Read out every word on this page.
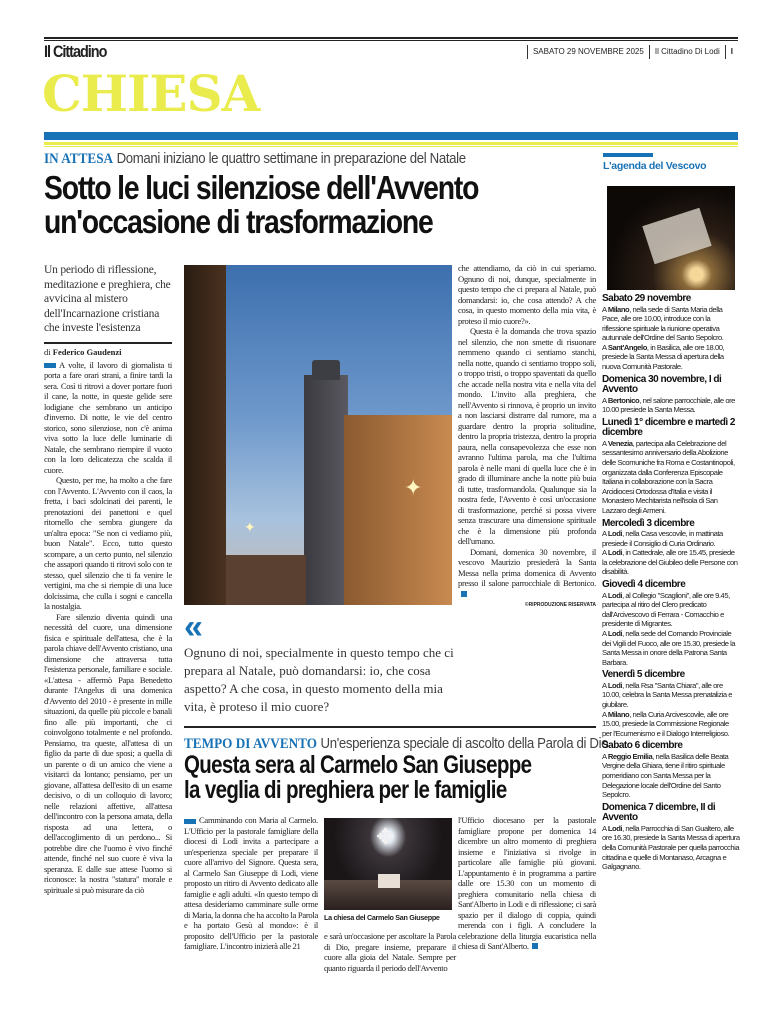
Il Cittadino	SABATO 29 NOVEMBRE 2025	Il Cittadino Di Lodi	I
CHIESA
IN ATTESA Domani iniziano le quattro settimane in preparazione del Natale
Sotto le luci silenziose dell'Avvento
un'occasione di trasformazione
Un periodo di riflessione, meditazione e preghiera, che avvicina al mistero dell'Incarnazione cristiana che investe l'esistenza
di Federico Gaudenzi

A volte, il lavoro di giornalista ti porta a fare orari strani, a finire tardi la sera. Così ti ritrovi a dover portare fuori il cane, la notte, in queste gelide sere lodigiane che sembrano un anticipo d'inverno. Di notte, le vie del centro storico, sono silenziose, non c'è anima viva sotto la luce delle luminarie di Natale, che sembrano riempire il vuoto con la loro delicatezza che scalda il cuore.

Questo, per me, ha molto a che fare con l'Avvento. L'Avvento con il caos, la fretta, i baci sdolcinati dei parenti, le prenotazioni dei panettoni e quel ritornello che sembra giungere da un'altra epoca: "Se non ci vediamo più, buon Natale". Ecco, tutto questo scompare, a un certo punto, nel silenzio che assapori quando ti ritrovi solo con te stesso, quel silenzio che ti fa venire le vertigini, ma che si riempie di una luce dolcissima, che culla i sogni e cancella la nostalgia.

Fare silenzio diventa quindi una necessità del cuore, una dimensione fisica e spirituale dell'attesa, che è la parola chiave dell'Avvento cristiano, una dimensione che attraversa tutta l'esistenza personale, familiare e sociale. «L'attesa - affermò Papa Benedetto durante l'Angelus di una domenica d'Avvento del 2010 - è presente in mille situazioni, da quelle più piccole e banali fino alle più importanti, che ci coinvolgono totalmente e nel profondo. Pensiamo, tra queste, all'attesa di un figlio da parte di due sposi; a quella di un parente o di un amico che viene a visitarci da lontano; pensiamo, per un giovane, all'attesa dell'esito di un esame decisivo, o di un colloquio di lavoro; nelle relazioni affettive, all'attesa dell'incontro con la persona amata, della risposta ad una lettera, o dell'accoglimento di un perdono... Si potrebbe dire che l'uomo è vivo finché attende, finché nel suo cuore è viva la speranza. E dalle sue attese l'uomo si riconosce: la nostra "statura" morale e spirituale si può misurare da ciò

✦
✦

che attendiamo, da ciò in cui speriamo. Ognuno di noi, dunque, specialmente in questo tempo che ci prepara al Natale, può domandarsi: io, che cosa attendo? A che cosa, in questo momento della mia vita, è proteso il mio cuore?».

Questa è la domanda che trova spazio nel silenzio, che non smette di risuonare nemmeno quando ci sentiamo stanchi, nella notte, quando ci sentiamo troppo soli, o troppo tristi, o troppo spaventati da quello che accade nella nostra vita e nella vita del mondo. L'invito alla preghiera, che nell'Avvento si rinnova, è proprio un invito a non lasciarsi distrarre dal rumore, ma a guardare dentro la propria solitudine, dentro la propria tristezza, dentro la propria paura, nella consapevolezza che esse non avranno l'ultima parola, ma che l'ultima parola è nelle mani di quella luce che è in grado di illuminare anche la notte più buia di tutte, trasformandola. Qualunque sia la nostra fede, l'Avvento è così un'occasione di trasformazione, perché si possa vivere senza trascurare una dimensione spirituale che è la dimensione più profonda dell'umano.

Domani, domenica 30 novembre, il vescovo Maurizio presiederà la Santa Messa nella prima domenica di Avvento presso il salone parrocchiale di Bertonico.

©RIPRODUZIONE RISERVATA
«
Ognuno di noi, specialmente in questo tempo che ci prepara al Natale, può domandarsi: io, che cosa aspetto? A che cosa, in questo momento della mia vita, è proteso il mio cuore?
TEMPO DI AVVENTO Un'esperienza speciale di ascolto della Parola di Dio
Questa sera al Carmelo San Giuseppe
la veglia di preghiera per le famiglie

Camminando con Maria al Carmelo. L'Ufficio per la pastorale famigliare della diocesi di Lodi invita a partecipare a un'esperienza speciale per preparare il cuore all'arrivo del Signore. Questa sera, al Carmelo San Giuseppe di Lodi, viene proposto un ritiro di Avvento dedicato alle famiglie e agli adulti. «In questo tempo di attesa desideriamo camminare sulle orme di Maria, la donna che ha accolto la Parola e ha portato Gesù al mondo»: è il proposito dell'Ufficio per la pastorale famigliare. L'incontro inizierà alle 21

✥
La chiesa del Carmelo San Giuseppe

e sarà un'occasione per ascoltare la Parola di Dio, pregare insieme, preparare il cuore alla gioia del Natale. Sempre per quanto riguarda il periodo dell'Avvento

l'Ufficio diocesano per la pastorale famigliare propone per domenica 14 dicembre un altro momento di preghiera insieme e l'iniziativa si rivolge in particolare alle famiglie più giovani. L'appuntamento è in programma a partire dalle ore 15.30 con un momento di preghiera comunitario nella chiesa di Sant'Alberto in Lodi e di riflessione; ci sarà spazio per il dialogo di coppia, quindi merenda con i figli. A concludere la celebrazione della liturgia eucaristica nella chiesa di Sant'Alberto.

L'agenda del Vescovo
Sabato 29 novembre
A Milano, nella sede di Santa Maria della Pace, alle ore 10.00, introduce con la riflessione spirituale la riunione operativa autunnale dell'Ordine del Santo Sepolcro.
A Sant'Angelo, in Basilica, alle ore 18.00, presiede la Santa Messa di apertura della nuova Comunità Pastorale.
Domenica 30 novembre, I di Avvento
A Bertonico, nel salone parrocchiale, alle ore 10.00 presiede la Santa Messa.
Lunedì 1° dicembre e martedì 2 dicembre
A Venezia, partecipa alla Celebrazione del sessantesimo anniversario della Abolizione delle Scomuniche fra Roma e Costantinopoli, organizzata dalla Conferenza Episcopale Italiana in collaborazione con la Sacra Arcidiocesi Ortodossa d'Italia e visita il Monastero Mechitarista nell'isola di San Lazzaro degli Armeni.
Mercoledì 3 dicembre
A Lodi, nella Casa vescovile, in mattinata presiede il Consiglio di Curia Ordinario.
A Lodi, in Cattedrale, alle ore 15.45, presiede la celebrazione del Giubileo delle Persone con disabilità.
Giovedì 4 dicembre
A Lodi, al Collegio "Scaglioni", alle ore 9.45, partecipa al ritiro del Clero predicato dall'Arcivescovo di Ferrara - Comacchio e presidente di Migrantes.
A Lodi, nella sede del Comando Provinciale dei Vigili del Fuoco, alle ore 15.30, presiede la Santa Messa in onore della Patrona Santa Barbara.
Venerdì 5 dicembre
A Lodi, nella Rsa "Santa Chiara", alle ore 10.00, celebra la Santa Messa prenatalizia e giubilare.
A Milano, nella Curia Arcivescovile, alle ore 15.00, presiede la Commissione Regionale per l'Ecumenismo e il Dialogo Interreligioso.
Sabato 6 dicembre
A Reggio Emilia, nella Basilica delle Beata Vergine della Ghiara, tiene il ritiro spirituale pomeridiano con Santa Messa per la Delegazione locale dell'Ordine del Santo Sepolcro.
Domenica 7 dicembre, II di Avvento
A Lodi, nella Parrocchia di San Gualtero, alle ore 16.30, presiede la Santa Messa di apertura della Comunità Pastorale per quella parrocchia cittadina e quelle di Montanaso, Arcagna e Galgagnano.
